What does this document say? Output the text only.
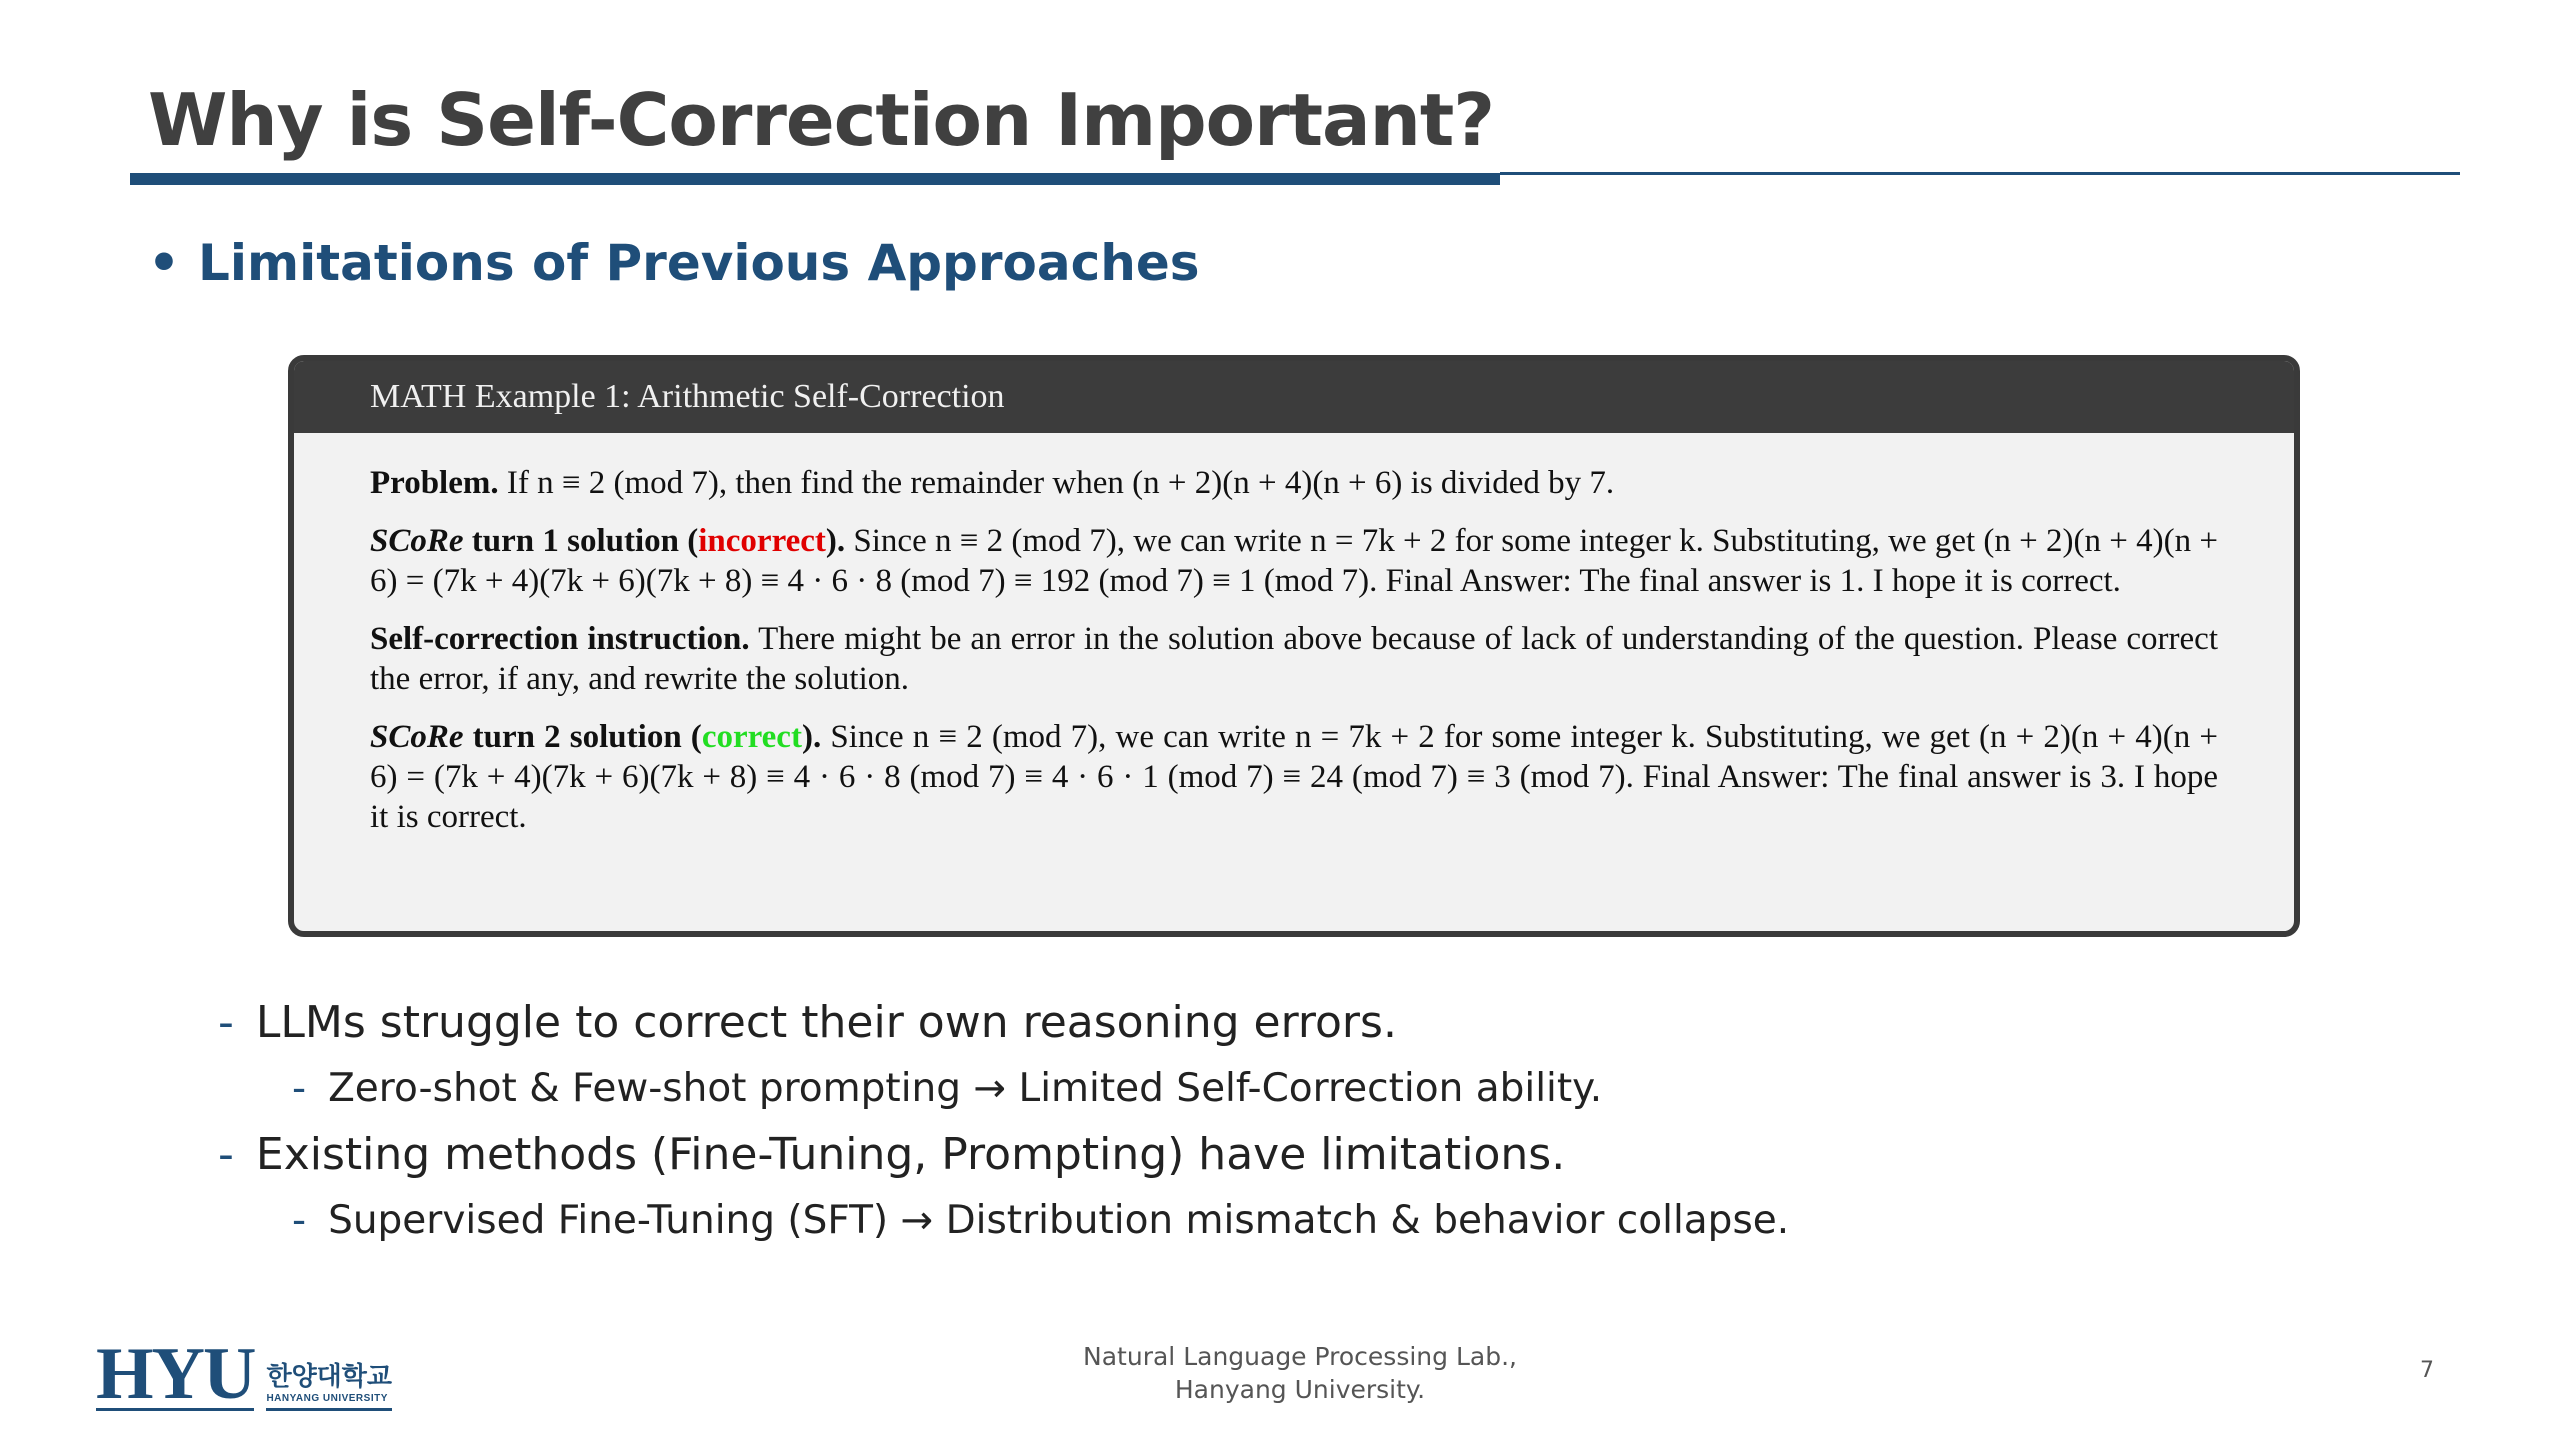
Why is Self-Correction Important?
• Limitations of Previous Approaches
MATH Example 1: Arithmetic Self-Correction

Problem. If n ≡ 2 (mod 7), then find the remainder when (n + 2)(n + 4)(n + 6) is divided by 7.

SCoRe turn 1 solution (incorrect). Since n ≡ 2 (mod 7), we can write n = 7k + 2 for some integer k. Substituting, we get (n + 2)(n + 4)(n + 6) = (7k + 4)(7k + 6)(7k + 8) ≡ 4 · 6 · 8 (mod 7) ≡ 192 (mod 7) ≡ 1 (mod 7). Final Answer: The final answer is 1. I hope it is correct.

Self-correction instruction. There might be an error in the solution above because of lack of understanding of the question. Please correct the error, if any, and rewrite the solution.

SCoRe turn 2 solution (correct). Since n ≡ 2 (mod 7), we can write n = 7k + 2 for some integer k. Substituting, we get (n + 2)(n + 4)(n + 6) = (7k + 4)(7k + 6)(7k + 8) ≡ 4 · 6 · 8 (mod 7) ≡ 4 · 6 · 1 (mod 7) ≡ 24 (mod 7) ≡ 3 (mod 7). Final Answer: The final answer is 3. I hope it is correct.

- LLMs struggle to correct their own reasoning errors.
- Zero-shot & Few-shot prompting → Limited Self-Correction ability.
- Existing methods (Fine-Tuning, Prompting) have limitations.
- Supervised Fine-Tuning (SFT) → Distribution mismatch & behavior collapse.
HYU 한양대학교
HANYANG UNIVERSITY
Natural Language Processing Lab.,
Hanyang University.
7
